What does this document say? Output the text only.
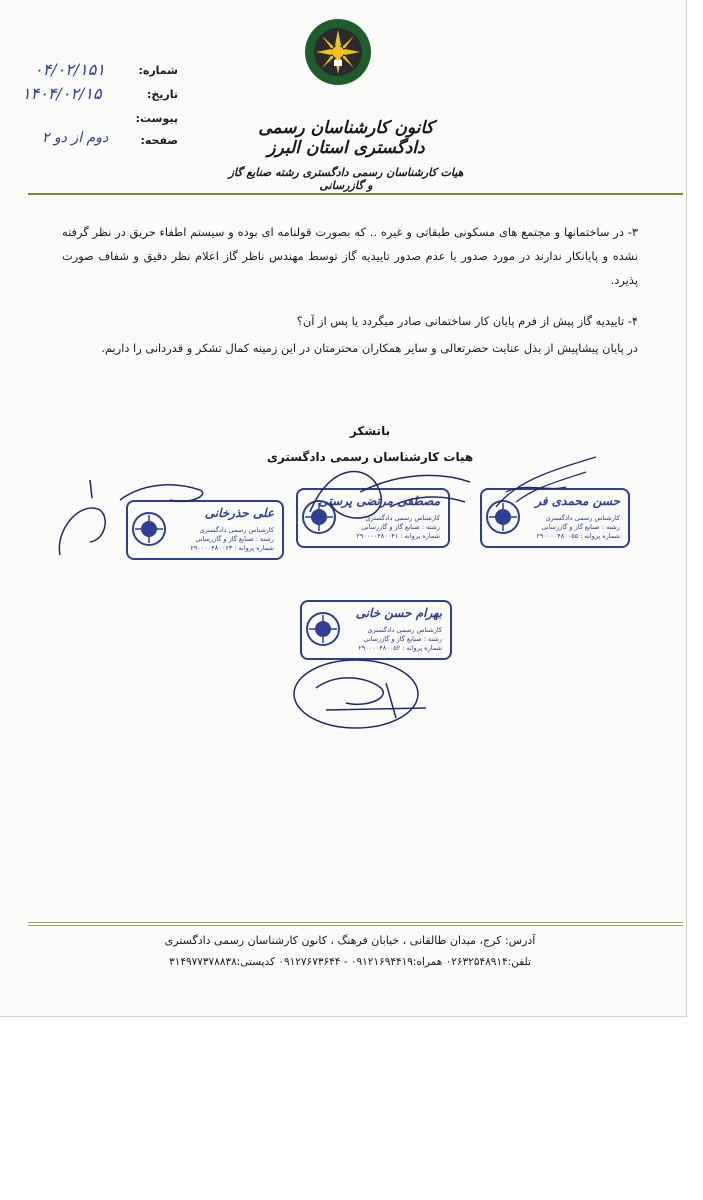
کانون کارشناسان رسمی دادگستری استان البرز
هیات کارشناسان رسمی دادگستری رشته صنایع گاز و گازرسانی
شماره:
۰۴/۰۲/۱۵۱
تاریخ:
۱۴۰۴/۰۲/۱۵
پیوست:
صفحه:
دوم از دو ۲
۳- در ساختمانها و مجتمع های مسکونی طبقاتی و غیره .. که بصورت قولنامه ای بوده و سیستم اطفاء حریق در نظر گرفته نشده و پایانکار ندارند در مورد صدور یا عدم صدور تاییدیه گاز توسط مهندس ناظر گاز اعلام نظر دقیق و شفاف صورت پذیرد.
۴- تاییدیه گاز پیش از فرم پایان کار ساختمانی صادر میگردد یا پس از آن؟
در پایان پیشاپیش از بذل عنایت حضرتعالی و سایر همکاران محترمتان در این زمینه کمال تشکر و قدردانی را داریم.
باتشکر
هیات کارشناسان رسمی دادگستری
علی حذرخانی
کارشناس رسمی دادگستری
رشته : صنایع گاز و گازرسانی
شماره پروانه : ۲۹۰۰۰۰۴۸۰۰۶۳
مصطفی مرتضی پرستی
کارشناس رسمی دادگستری
رشته : صنایع گاز و گازرسانی
شماره پروانه : ۲۹۰۰۰۰۴۸۰۰۴۱
حسن محمدی فر
کارشناس رسمی دادگستری
رشته : صنایع گاز و گازرسانی
شماره پروانه : ۲۹۰۰۰۰۴۸۰۰۵۵
بهرام حسن خانی
کارشناس رسمی دادگستری
رشته : صنایع گاز و گازرسانی
شماره پروانه : ۲۹۰۰۰۰۴۸۰۰۵۲
آدرس: کرج، میدان طالقانی ، خیابان فرهنگ ، کانون کارشناسان رسمی دادگستری
تلفن:۰۲۶۳۲۵۴۸۹۱۴ همراه:۰۹۱۲۱۶۹۴۴۱۹ - ۰۹۱۲۷۶۷۳۶۴۴ کدپستی:۳۱۴۹۷۷۳۷۸۸۳۸
